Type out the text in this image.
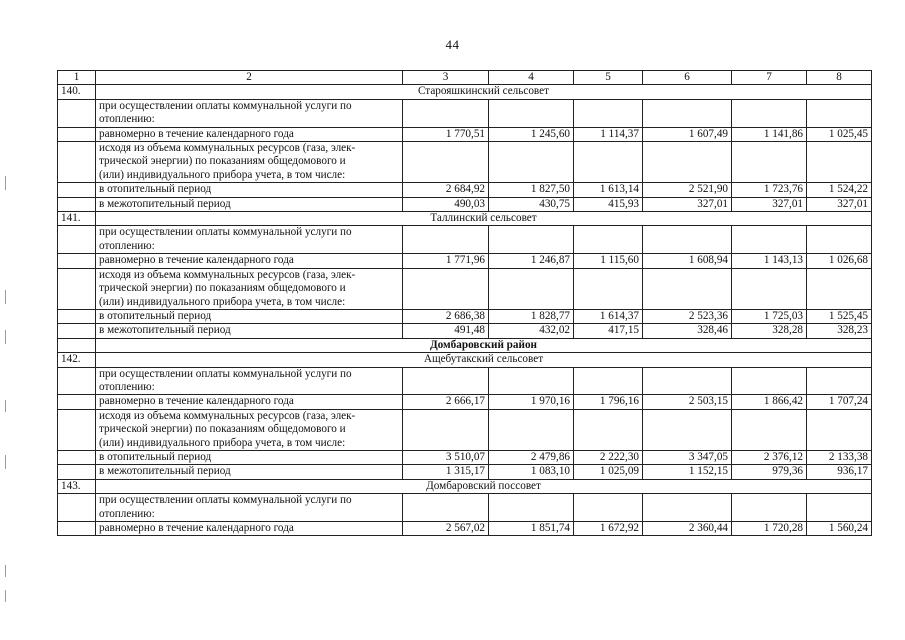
44
1	2	3	4	5	6	7	8
140.	Старояшкинский сельсовет						

	при осуществлении оплаты коммунальной услуги по
отоплению:						

	равномерно в течение календарного года	1 770,51	1 245,60	1 114,37	1 607,49	1 141,86	1 025,45

	исходя из объема коммунальных ресурсов (газа, элек-
трической энергии) по показаниям общедомового и
(или) индивидуального прибора учета, в том числе:						

	в отопительный период	2 684,92	1 827,50	1 613,14	2 521,90	1 723,76	1 524,22

	в межотопительный период	490,03	430,75	415,93	327,01	327,01	327,01
141.	Таллинский сельсовет						

	при осуществлении оплаты коммунальной услуги по
отоплению:						

	равномерно в течение календарного года	1 771,96	1 246,87	1 115,60	1 608,94	1 143,13	1 026,68

	исходя из объема коммунальных ресурсов (газа, элек-
трической энергии) по показаниям общедомового и
(или) индивидуального прибора учета, в том числе:						

	в отопительный период	2 686,38	1 828,77	1 614,37	2 523,36	1 725,03	1 525,45

	в межотопительный период	491,48	432,02	417,15	328,46	328,28	328,23
	Домбаровский район						
142.	Ащебутакский сельсовет						

	при осуществлении оплаты коммунальной услуги по
отоплению:						

	равномерно в течение календарного года	2 666,17	1 970,16	1 796,16	2 503,15	1 866,42	1 707,24

	исходя из объема коммунальных ресурсов (газа, элек-
трической энергии) по показаниям общедомового и
(или) индивидуального прибора учета, в том числе:						

	в отопительный период	3 510,07	2 479,86	2 222,30	3 347,05	2 376,12	2 133,38

	в межотопительный период	1 315,17	1 083,10	1 025,09	1 152,15	979,36	936,17
143.	Домбаровский поссовет						

	при осуществлении оплаты коммунальной услуги по
отоплению:						

	равномерно в течение календарного года	2 567,02	1 851,74	1 672,92	2 360,44	1 720,28	1 560,24
